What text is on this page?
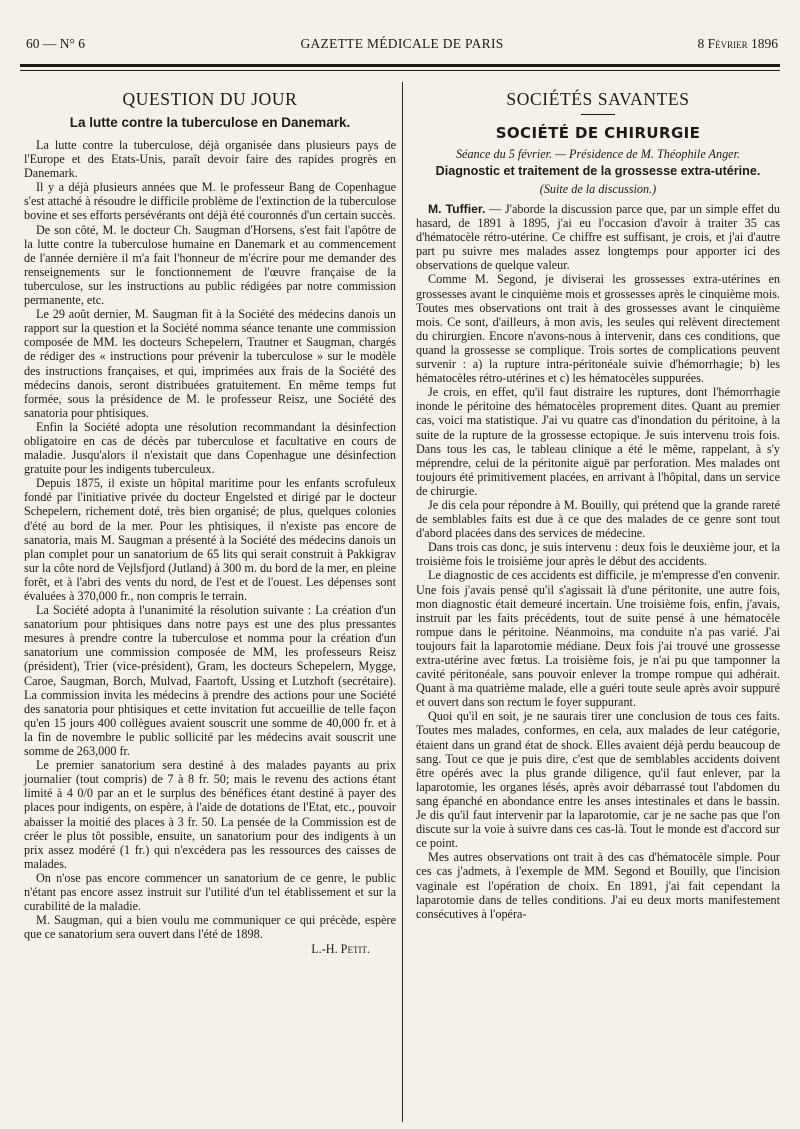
60 — N° 6	GAZETTE MÉDICALE DE PARIS	8 Février 1896
QUESTION DU JOUR
La lutte contre la tuberculose en Danemark.

La lutte contre la tuberculose, déjà organisée dans plusieurs pays de l'Europe et des Etats-Unis, paraît devoir faire des rapides progrès en Danemark.

Il y a déjà plusieurs années que M. le professeur Bang de Copenhague s'est attaché à résoudre le difficile problème de l'extinction de la tuberculose bovine et ses efforts persévérants ont déjà été couronnés d'un certain succès.

De son côté, M. le docteur Ch. Saugman d'Horsens, s'est fait l'apôtre de la lutte contre la tuberculose humaine en Danemark et au commencement de l'année dernière il m'a fait l'honneur de m'écrire pour me demander des renseignements sur le fonctionnement de l'œuvre française de la tuberculose, sur les instructions au public rédigées par notre commission permanente, etc.

Le 29 août dernier, M. Saugman fit à la Société des médecins danois un rapport sur la question et la Société nomma séance tenante une commission composée de MM. les docteurs Schepelern, Trautner et Saugman, chargés de rédiger des « instructions pour prévenir la tuberculose » sur le modèle des instructions françaises, et qui, imprimées aux frais de la Société des médecins danois, seront distribuées gratuitement. En même temps fut formée, sous la présidence de M. le professeur Reisz, une Société des sanatoria pour phtisiques.

Enfin la Société adopta une résolution recommandant la désinfection obligatoire en cas de décès par tuberculose et facultative en cours de maladie. Jusqu'alors il n'existait que dans Copenhague une désinfection gratuite pour les indigents tuberculeux.

Depuis 1875, il existe un hôpital maritime pour les enfants scrofuleux fondé par l'initiative privée du docteur Engelsted et dirigé par le docteur Schepelern, richement doté, très bien organisé; de plus, quelques colonies d'été au bord de la mer. Pour les phtisiques, il n'existe pas encore de sanatoria, mais M. Saugman a présenté à la Société des médecins danois un plan complet pour un sanatorium de 65 lits qui serait construit à Pakkigrav sur la côte nord de Vejlsfjord (Jutland) à 300 m. du bord de la mer, en pleine forêt, et à l'abri des vents du nord, de l'est et de l'ouest. Les dépenses sont évaluées à 370,000 fr., non compris le terrain.

La Société adopta à l'unanimité la résolution suivante : La création d'un sanatorium pour phtisiques dans notre pays est une des plus pressantes mesures à prendre contre la tuberculose et nomma pour la création d'un sanatorium une commission composée de MM, les professeurs Reisz (président), Trier (vice-président), Gram, les docteurs Schepelern, Mygge, Caroe, Saugman, Borch, Mulvad, Faartoft, Ussing et Lutzhoft (secrétaire). La commission invita les médecins à prendre des actions pour une Société des sanatoria pour phtisiques et cette invitation fut accueillie de telle façon qu'en 15 jours 400 collègues avaient souscrit une somme de 40,000 fr. et à la fin de novembre le public sollicité par les médecins avait souscrit une somme de 263,000 fr.

Le premier sanatorium sera destiné à des malades payants au prix journalier (tout compris) de 7 à 8 fr. 50; mais le revenu des actions étant limité à 4 0/0 par an et le surplus des bénéfices étant destiné à payer des places pour indigents, on espère, à l'aide de dotations de l'Etat, etc., pouvoir abaisser la moitié des places à 3 fr. 50. La pensée de la Commission est de créer le plus tôt possible, ensuite, un sanatorium pour des indigents à un prix assez modéré (1 fr.) qui n'excédera pas les ressources des caisses de malades.

On n'ose pas encore commencer un sanatorium de ce genre, le public n'étant pas encore assez instruit sur l'utilité d'un tel établissement et sur la curabilité de la maladie.

M. Saugman, qui a bien voulu me communiquer ce qui précède, espère que ce sanatorium sera ouvert dans l'été de 1898.

L.-H. Petit.
SOCIÉTÉS SAVANTES
SOCIÉTÉ DE CHIRURGIE
Séance du 5 février. — Présidence de M. Théophile Anger.
Diagnostic et traitement de la grossesse extra-utérine.
(Suite de la discussion.)

M. Tuffier. — J'aborde la discussion parce que, par un simple effet du hasard, de 1891 à 1895, j'ai eu l'occasion d'avoir à traiter 35 cas d'hématocèle rétro-utérine. Ce chiffre est suffisant, je crois, et j'ai d'autre part pu suivre mes malades assez longtemps pour apporter ici des observations de quelque valeur.

Comme M. Segond, je diviserai les grossesses extra-utérines en grossesses avant le cinquième mois et grossesses après le cinquième mois. Toutes mes observations ont trait à des grossesses avant le cinquième mois. Ce sont, d'ailleurs, à mon avis, les seules qui relèvent directement du chirurgien. Encore n'avons-nous à intervenir, dans ces conditions, que quand la grossesse se complique. Trois sortes de complications peuvent survenir : a) la rupture intra-péritonéale suivie d'hémorrhagie; b) les hématocèles rétro-utérines et c) les hématocèles suppurées.

Je crois, en effet, qu'il faut distraire les ruptures, dont l'hémorrhagie inonde le péritoine des hématocèles proprement dites. Quant au premier cas, voici ma statistique. J'ai vu quatre cas d'inondation du péritoine, à la suite de la rupture de la grossesse ectopique. Je suis intervenu trois fois. Dans tous les cas, le tableau clinique a été le même, rappelant, à s'y méprendre, celui de la péritonite aiguë par perforation. Mes malades ont toujours été primitivement placées, en arrivant à l'hôpital, dans un service de chirurgie.

Je dis cela pour répondre à M. Bouilly, qui prétend que la grande rareté de semblables faits est due à ce que des malades de ce genre sont tout d'abord placées dans des services de médecine.

Dans trois cas donc, je suis intervenu : deux fois le deuxième jour, et la troisième fois le troisième jour après le début des accidents.

Le diagnostic de ces accidents est difficile, je m'empresse d'en convenir. Une fois j'avais pensé qu'il s'agissait là d'une péritonite, une autre fois, mon diagnostic était demeuré incertain. Une troisième fois, enfin, j'avais, instruit par les faits précédents, tout de suite pensé à une hématocèle rompue dans le péritoine. Néanmoins, ma conduite n'a pas varié. J'ai toujours fait la laparotomie médiane. Deux fois j'ai trouvé une grossesse extra-utérine avec fœtus. La troisième fois, je n'ai pu que tamponner la cavité péritonéale, sans pouvoir enlever la trompe rompue qui adhérait. Quant à ma quatrième malade, elle a guéri toute seule après avoir suppuré et ouvert dans son rectum le foyer suppurant.

Quoi qu'il en soit, je ne saurais tirer une conclusion de tous ces faits. Toutes mes malades, conformes, en cela, aux malades de leur catégorie, étaient dans un grand état de shock. Elles avaient déjà perdu beaucoup de sang. Tout ce que je puis dire, c'est que de semblables accidents doivent être opérés avec la plus grande diligence, qu'il faut enlever, par la laparotomie, les organes lésés, après avoir débarrassé tout l'abdomen du sang épanché en abondance entre les anses intestinales et dans le bassin. Je dis qu'il faut intervenir par la laparotomie, car je ne sache pas que l'on discute sur la voie à suivre dans ces cas-là. Tout le monde est d'accord sur ce point.

Mes autres observations ont trait à des cas d'hématocèle simple. Pour ces cas j'admets, à l'exemple de MM. Segond et Bouilly, que l'incision vaginale est l'opération de choix. En 1891, j'ai fait cependant la laparotomie dans de telles conditions. J'ai eu deux morts manifestement consécutives à l'opéra-
